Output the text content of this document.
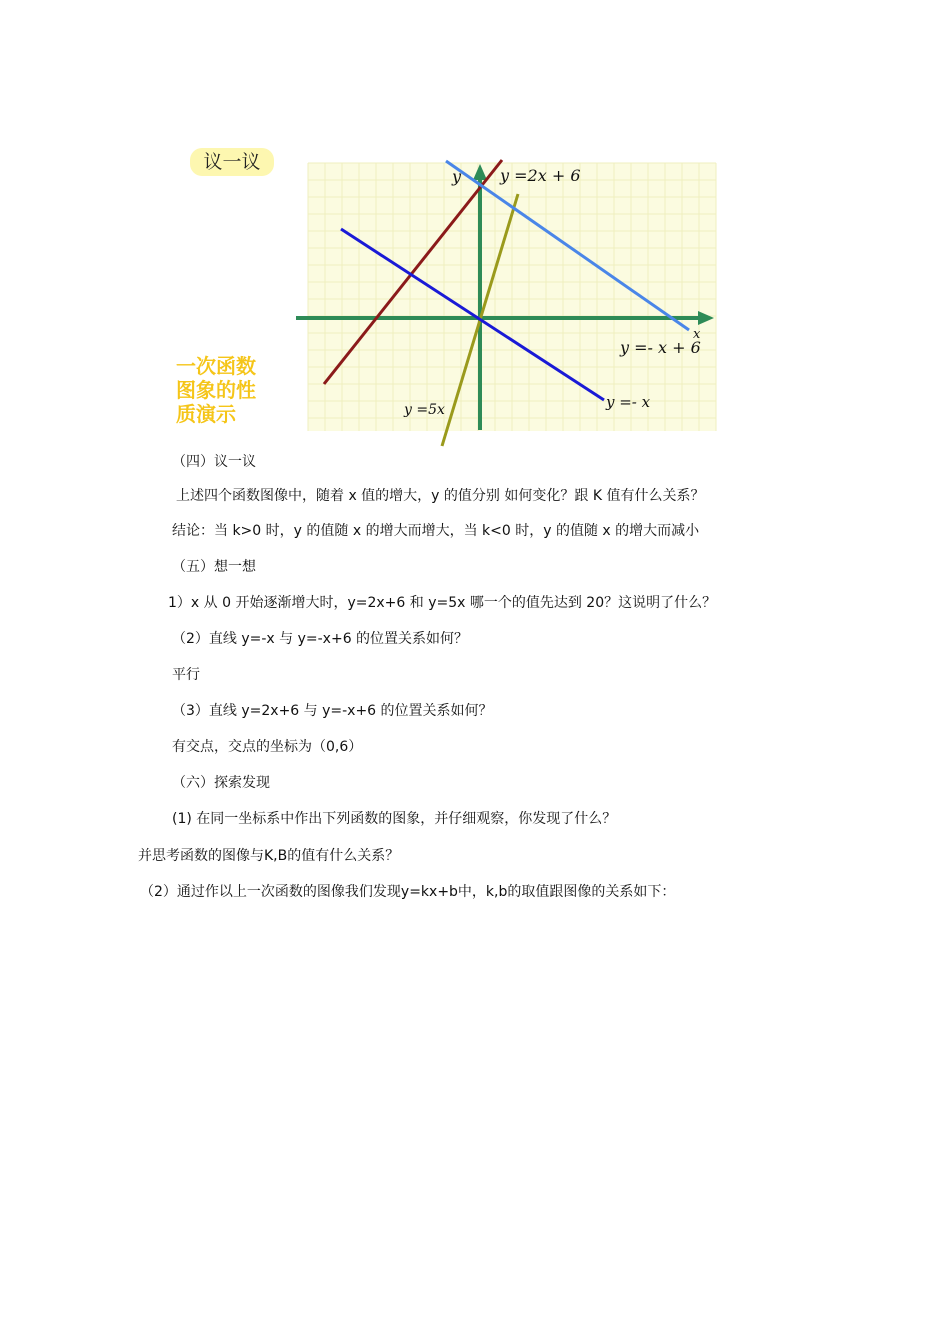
议一议
y
x
y =2x + 6
y =- x + 6
y =- x
y =5x
一次函数
图象的性
质演示
（四）议一议
上述四个函数图像中，随着 x 值的增大，y 的值分别 如何变化？跟 K 值有什么关系？
结论：当 k>0 时，y 的值随 x 的增大而增大，当 k<0 时，y 的值随 x 的增大而减小
（五）想一想
1）x 从 0 开始逐渐增大时，y=2x+6 和 y=5x 哪一个的值先达到 20？这说明了什么？
（2）直线 y=-x 与 y=-x+6 的位置关系如何？
平行
（3）直线 y=2x+6 与 y=-x+6 的位置关系如何？
有交点，交点的坐标为（0,6）
（六）探索发现
(1) 在同一坐标系中作出下列函数的图象，并仔细观察，你发现了什么？
并思考函数的图像与K,B的值有什么关系？
（2）通过作以上一次函数的图像我们发现y=kx+b中，k,b的取值跟图像的关系如下：
